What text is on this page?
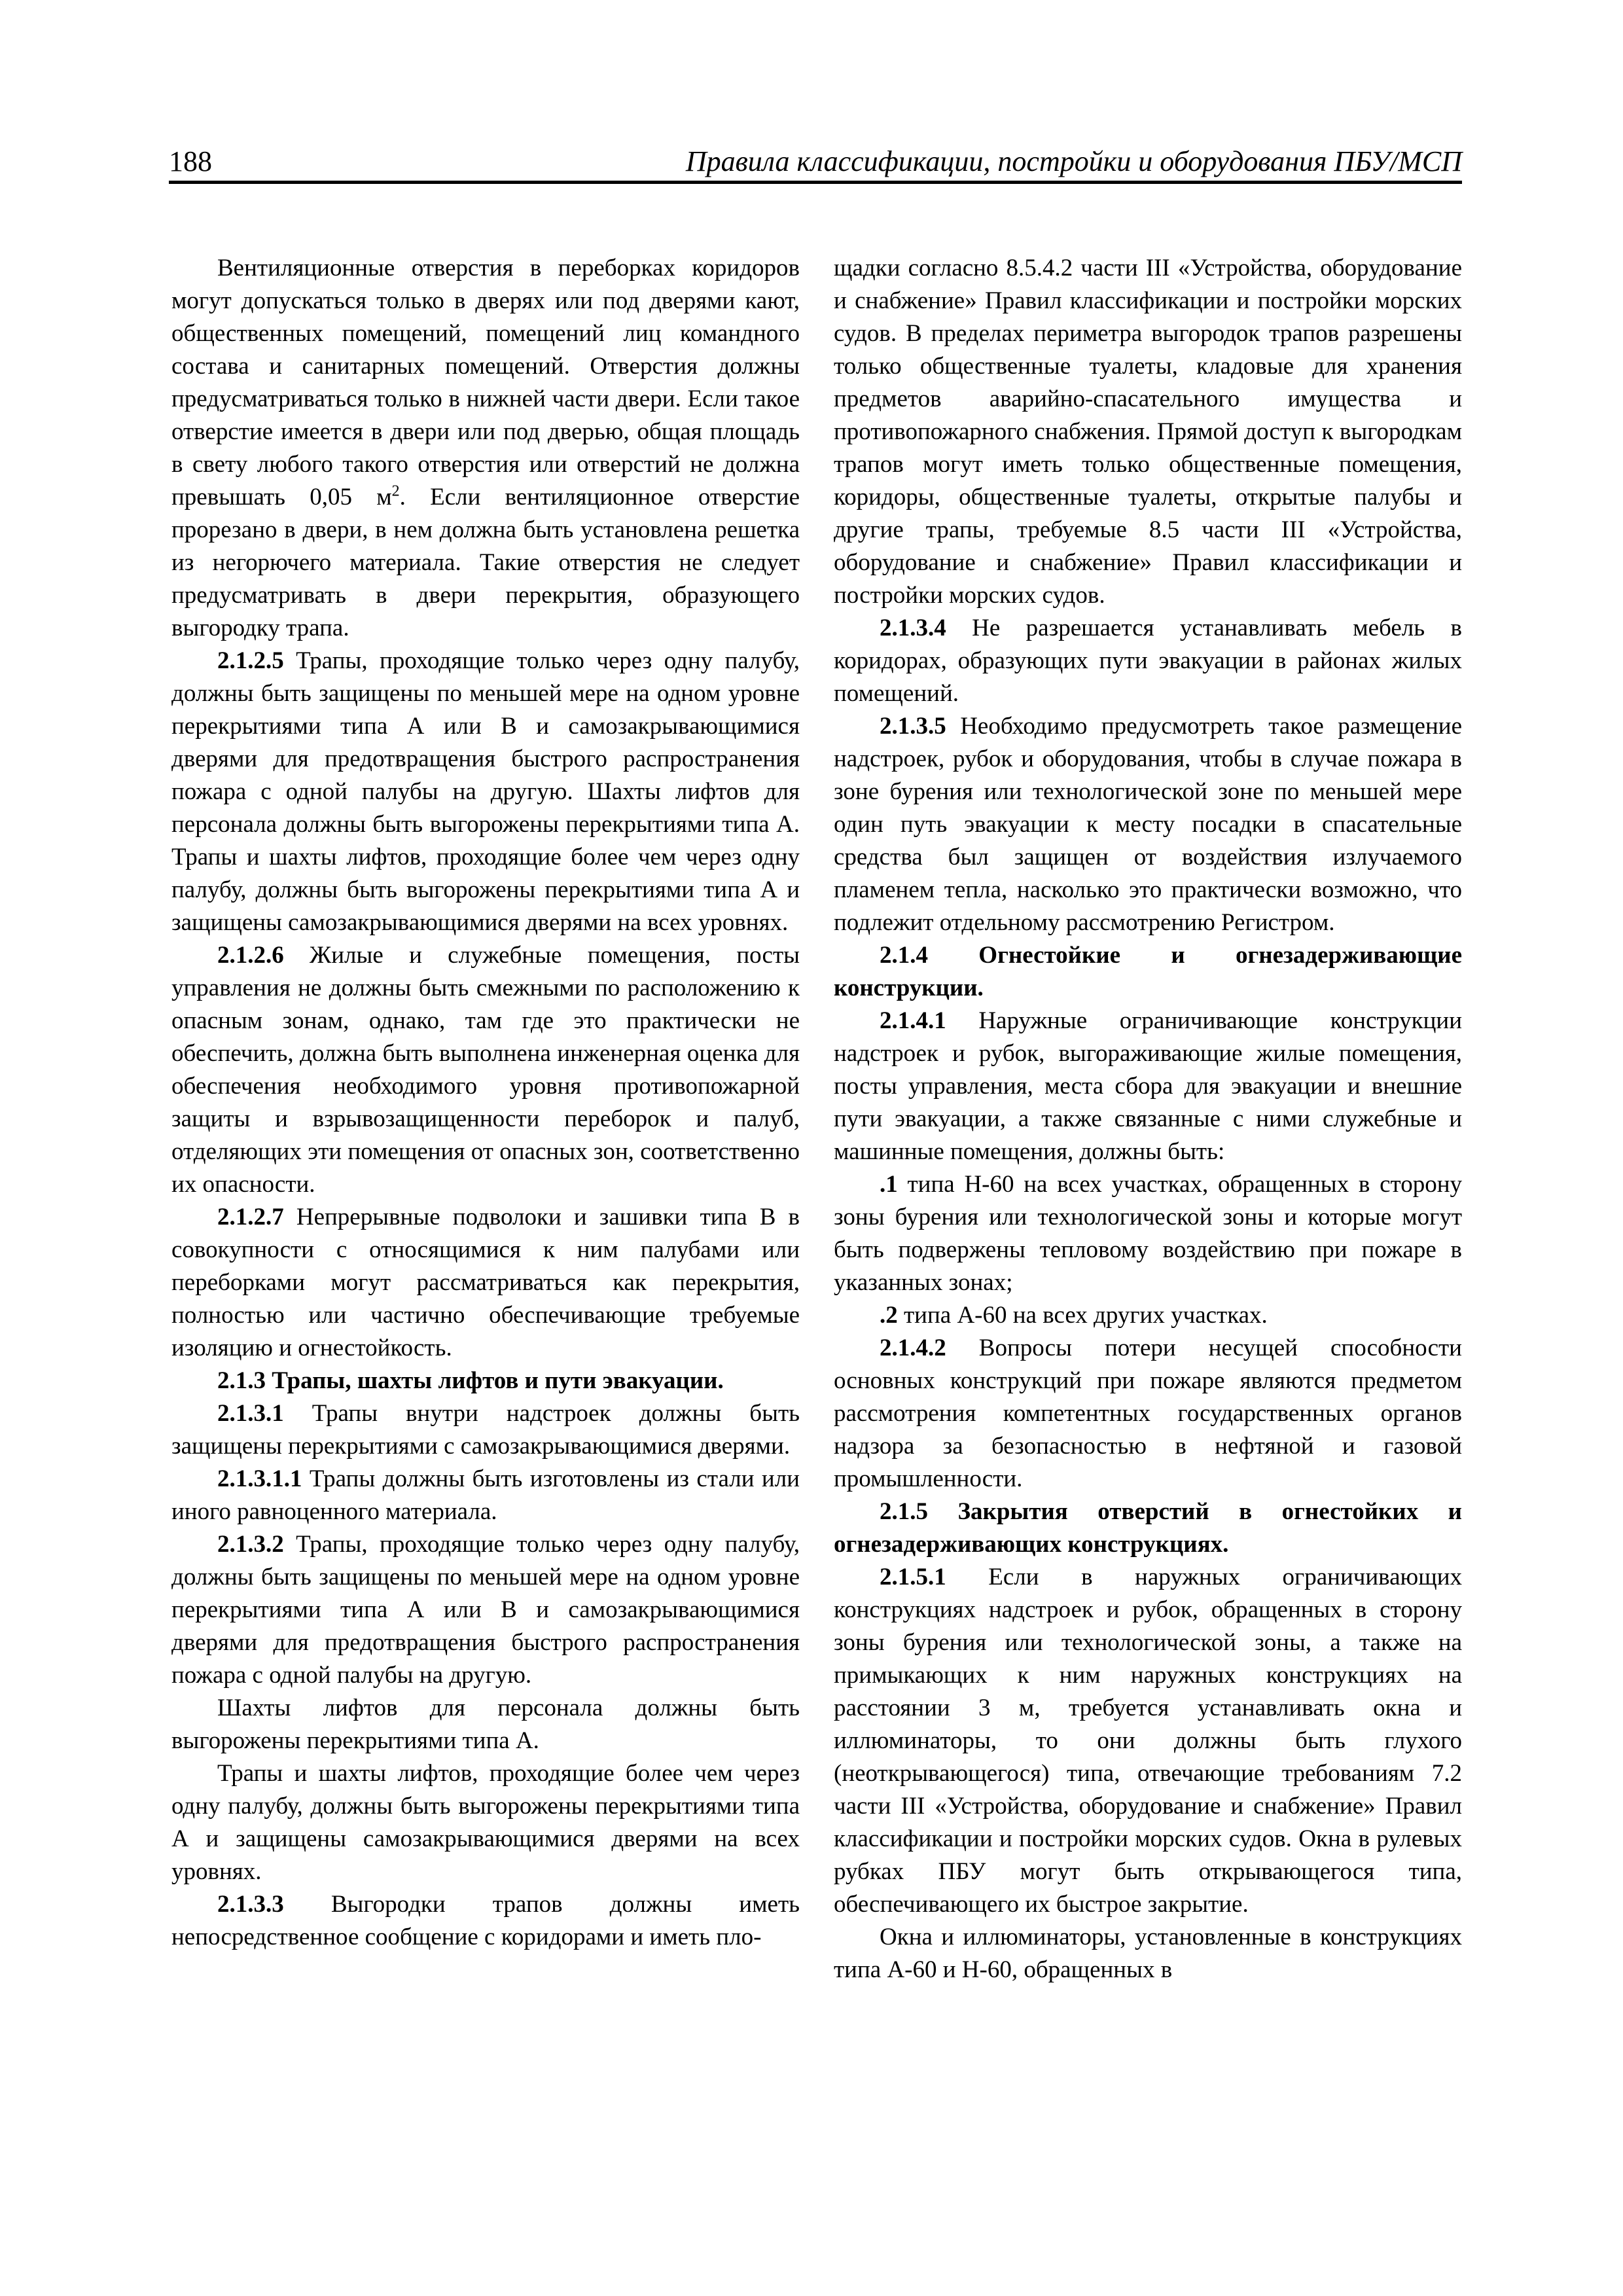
188	Правила классификации, постройки и оборудования ПБУ/МСП

Вентиляционные отверстия в переборках коридоров могут допускаться только в дверях или под дверями кают, общественных помещений, помещений лиц командного состава и санитарных помещений. Отверстия должны предусматриваться только в нижней части двери. Если такое отверстие имеется в двери или под дверью, общая площадь в свету любого такого отверстия или отверстий не должна превышать 0,05 $м^2$. Если вентиляционное отверстие прорезано в двери, в нем должна быть установлена решетка из негорючего материала. Такие отверстия не следует предусматривать в двери перекрытия, образующего выгородку трапа.

2.1.2.5 Трапы, проходящие только через одну палубу, должны быть защищены по меньшей мере на одном уровне перекрытиями типа А или В и самозакрывающимися дверями для предотвращения быстрого распространения пожара с одной палубы на другую. Шахты лифтов для персонала должны быть выгорожены перекрытиями типа А. Трапы и шахты лифтов, проходящие более чем через одну палубу, должны быть выгорожены перекрытиями типа А и защищены самозакрывающимися дверями на всех уровнях.

2.1.2.6 Жилые и служебные помещения, посты управления не должны быть смежными по расположению к опасным зонам, однако, там где это практически не обеспечить, должна быть выполнена инженерная оценка для обеспечения необходимого уровня противопожарной защиты и взрывозащищенности переборок и палуб, отделяющих эти помещения от опасных зон, соответственно их опасности.

2.1.2.7 Непрерывные подволоки и зашивки типа В в совокупности с относящимися к ним палубами или переборками могут рассматриваться как перекрытия, полностью или частично обеспечивающие требуемые изоляцию и огнестойкость.

2.1.3 Трапы, шахты лифтов и пути эвакуации.

2.1.3.1 Трапы внутри надстроек должны быть защищены перекрытиями с самозакрывающимися дверями.

2.1.3.1.1 Трапы должны быть изготовлены из стали или иного равноценного материала.

2.1.3.2 Трапы, проходящие только через одну палубу, должны быть защищены по меньшей мере на одном уровне перекрытиями типа А или В и самозакрывающимися дверями для предотвращения быстрого распространения пожара с одной палубы на другую.

Шахты лифтов для персонала должны быть выгорожены перекрытиями типа А.

Трапы и шахты лифтов, проходящие более чем через одну палубу, должны быть выгорожены перекрытиями типа А и защищены самозакрывающимися дверями на всех уровнях.

2.1.3.3 Выгородки трапов должны иметь непосредственное сообщение с коридорами и иметь пло-

щадки согласно 8.5.4.2 части III «Устройства, оборудование и снабжение» Правил классификации и постройки морских судов. В пределах периметра выгородок трапов разрешены только общественные туалеты, кладовые для хранения предметов аварийно-спасательного имущества и противопожарного снабжения. Прямой доступ к выгородкам трапов могут иметь только общественные помещения, коридоры, общественные туалеты, открытые палубы и другие трапы, требуемые 8.5 части III «Устройства, оборудование и снабжение» Правил классификации и постройки морских судов.

2.1.3.4 Не разрешается устанавливать мебель в коридорах, образующих пути эвакуации в районах жилых помещений.

2.1.3.5 Необходимо предусмотреть такое размещение надстроек, рубок и оборудования, чтобы в случае пожара в зоне бурения или технологической зоне по меньшей мере один путь эвакуации к месту посадки в спасательные средства был защищен от воздействия излучаемого пламенем тепла, насколько это практически возможно, что подлежит отдельному рассмотрению Регистром.

2.1.4 Огнестойкие и огнезадерживающие конструкции.

2.1.4.1 Наружные ограничивающие конструкции надстроек и рубок, выгораживающие жилые помещения, посты управления, места сбора для эвакуации и внешние пути эвакуации, а также связанные с ними служебные и машинные помещения, должны быть:

.1 типа Н-60 на всех участках, обращенных в сторону зоны бурения или технологической зоны и которые могут быть подвержены тепловому воздействию при пожаре в указанных зонах;

.2 типа А-60 на всех других участках.

2.1.4.2 Вопросы потери несущей способности основных конструкций при пожаре являются предметом рассмотрения компетентных государственных органов надзора за безопасностью в нефтяной и газовой промышленности.

2.1.5 Закрытия отверстий в огнестойких и огнезадерживающих конструкциях.

2.1.5.1 Если в наружных ограничивающих конструкциях надстроек и рубок, обращенных в сторону зоны бурения или технологической зоны, а также на примыкающих к ним наружных конструкциях на расстоянии 3 м, требуется устанавливать окна и иллюминаторы, то они должны быть глухого (неоткрывающегося) типа, отвечающие требованиям 7.2 части III «Устройства, оборудование и снабжение» Правил классификации и постройки морских судов. Окна в рулевых рубках ПБУ могут быть открывающегося типа, обеспечивающего их быстрое закрытие.

Окна и иллюминаторы, установленные в конструкциях типа А-60 и Н-60, обращенных в
